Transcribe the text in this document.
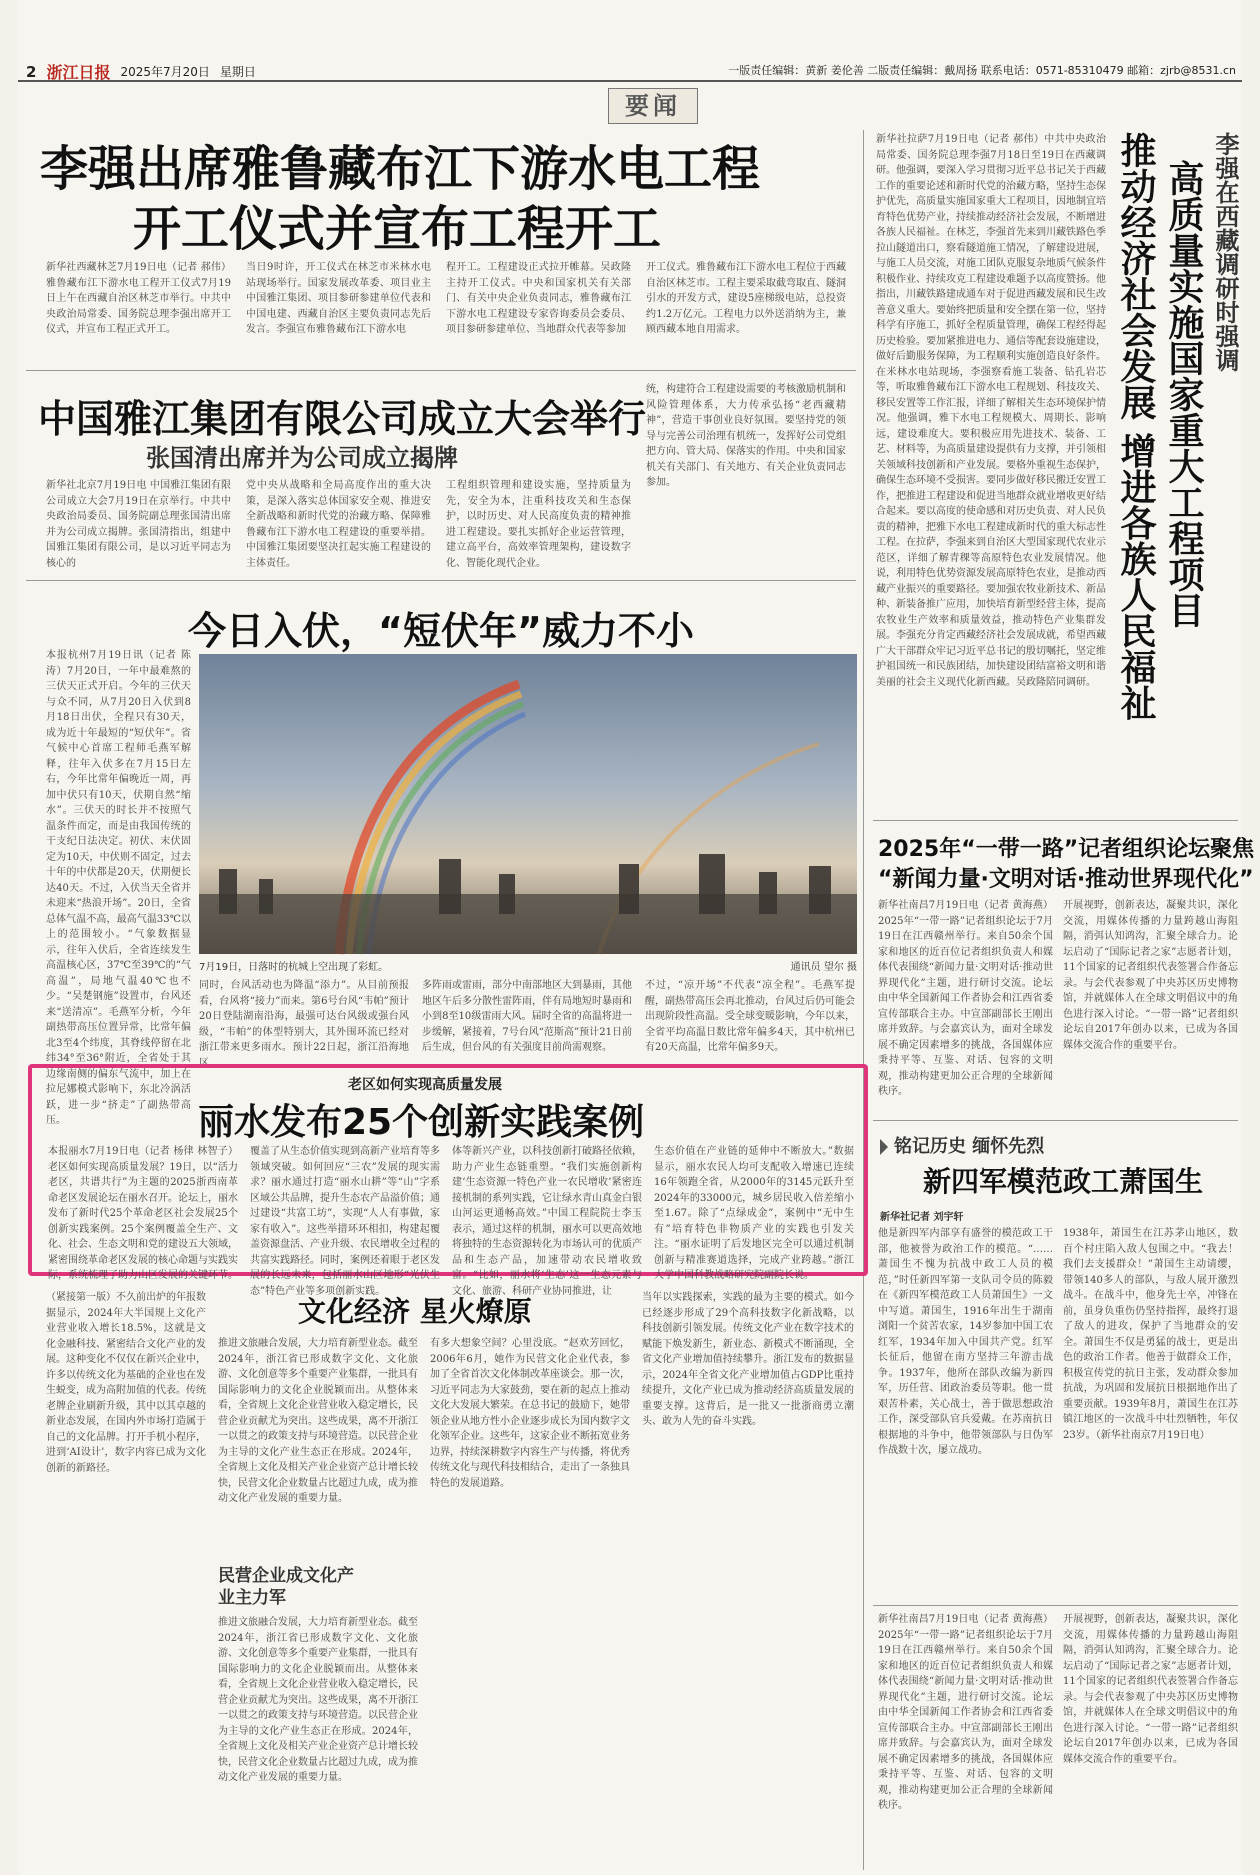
2 浙江日报 2025年7月20日 星期日	一版责任编辑：黄新 姜伦善 二版责任编辑：戴周扬 联系电话：0571-85310479 邮箱：zjrb@8531.cn
要闻
李强出席雅鲁藏布江下游水电工程
开工仪式并宣布工程开工
新华社西藏林芝7月19日电（记者 郝伟）雅鲁藏布江下游水电工程开工仪式7月19日上午在西藏自治区林芝市举行。中共中央政治局常委、国务院总理李强出席开工仪式，并宣布工程正式开工。
当日9时许，开工仪式在林芝市米林水电站现场举行。国家发展改革委、项目业主中国雅江集团、项目参研参建单位代表和中国电建、西藏自治区主要负责同志先后发言。李强宣布雅鲁藏布江下游水电
程开工。工程建设正式拉开帷幕。吴政隆主持开工仪式。中央和国家机关有关部门、有关中央企业负责同志，雅鲁藏布江下游水电工程建设专家咨询委员会委员、项目参研参建单位、当地群众代表等参加
开工仪式。雅鲁藏布江下游水电工程位于西藏自治区林芝市。工程主要采取截弯取直、隧洞引水的开发方式，建设5座梯级电站，总投资约1.2万亿元。工程电力以外送消纳为主，兼顾西藏本地自用需求。
中国雅江集团有限公司成立大会举行
张国清出席并为公司成立揭牌
新华社北京7月19日电 中国雅江集团有限公司成立大会7月19日在京举行。中共中央政治局委员、国务院副总理张国清出席并为公司成立揭牌。张国清指出，组建中国雅江集团有限公司，是以习近平同志为核心的
党中央从战略和全局高度作出的重大决策，是深入落实总体国家安全观、推进安全新战略和新时代党的治藏方略、保障雅鲁藏布江下游水电工程建设的重要举措。中国雅江集团要坚决扛起实施工程建设的主体责任。
工程组织管理和建设实施，坚持质量为先，安全为本，注重科技攻关和生态保护，以时历史、对人民高度负责的精神推进工程建设。要扎实抓好企业运营管理，建立高平台，高效率管理架构，建设数字化、智能化现代企业。
统，构建符合工程建设需要的考核激励机制和风险管理体系，大力传承弘扬“老西藏精神”，营造干事创业良好氛围。要坚持党的领导与完善公司治理有机统一，发挥好公司党组把方向、管大局、保落实的作用。中央和国家机关有关部门、有关地方、有关企业负责同志参加。
今日入伏，“短伏年”威力不小
本报杭州7月19日讯（记者 陈涛）7月20日，一年中最难熬的三伏天正式开启。今年的三伏天与众不同，从7月20日入伏到8月18日出伏，全程只有30天，成为近十年最短的“短伏年”。省气候中心首席工程师毛燕军解释，往年入伏多在7月15日左右，今年比常年偏晚近一周，再加中伏只有10天，伏期自然“缩水”。三伏天的时长并不按照气温条件而定，而是由我国传统的干支纪日法决定。初伏、末伏固定为10天，中伏则不固定，过去十年的中伏都是20天，伏期便长达40天。不过，入伏当天全省并未迎来“热浪开场”。20日，全省总体气温不高，最高气温33℃以上的范围较小。“气象数据显示，往年入伏后，全省连续发生高温核心区，37℃至39℃的“气高温”，局地气温40℃也不少。“吴楚钢施”设置市，台风还来“送清凉”。毛燕军分析，今年副热带高压位置异常，比常年偏北3至4个纬度，其脊线停留在北纬34°至36°附近，全省处于其边缘南侧的偏东气流中，加上在拉尼娜模式影响下，东北冷涡活跃，进一步“挤走”了副热带高压。
7月19日，日落时的杭城上空出现了彩虹。	通讯员 望尔 摄
同时，台风活动也为降温“添力”。从目前预报看，台风将“接力”而来。第6号台风“韦帕”预计20日登陆湖南沿海，最强可达台风级或强台风级，“韦帕”的体型特别大，其外围环流已经对浙江带来更多雨水。预计22日起，浙江沿海地区
多阵雨或雷雨，部分中南部地区大到暴雨，其他地区午后多分散性雷阵雨，伴有局地短时暴雨和小到8至10级雷雨大风。届时全省的高温将进一步缓解，紧接着，7号台风“范斯高”预计21日前后生成，但台风的有关强度目前尚需观察。
不过，“凉开场”不代表“凉全程”。毛燕军提醒，副热带高压会再北推动，台风过后仍可能会出现阶段性高温。受全球变暖影响，今年以来，全省平均高温日数比常年偏多4天，其中杭州已有20天高温，比常年偏多9天。
老区如何实现高质量发展
丽水发布25个创新实践案例
本报丽水7月19日电（记者 杨律 林智子）老区如何实现高质量发展？19日，以“活力老区，共谱共行”为主题的2025浙西南革命老区发展论坛在丽水召开。论坛上，丽水发布了新时代25个革命老区社会发展25个创新实践案例。25个案例覆盖全生产、文化、社会、生态文明和党的建设五大领域，紧密围绕革命老区发展的核心命题与实践实际，系统梳理了助力山区发展的关键环节。
覆盖了从生态价值实现到高新产业培育等多领域突破。如何回应“三农”发展的现实需求？丽水通过打造“丽水山耕”等“山”字系区域公共品牌，提升生态农产品溢价值；通过建设“共富工坊”，实现“人人有事做，家家有收入”。这些举措环环相扣，构建起覆盖资源盘活、产业升级、农民增收全过程的共富实践路径。同时，案例还着眼于老区发展的长远未来，包括丽水山区地形“光伏生态”特色产业等多项创新实践。
体等新兴产业，以科技创新打破路径依赖，助力产业生态链重塑。“我们实施创新构建‘生态资源一特色产业一农民增收’紧密连接机制的系列实践，它让绿水青山真金白银山河运更通畅高效。”中国工程院院士李玉表示，通过这样的机制，丽水可以更高效地将独特的生态资源转化为市场认可的优质产品和生态产品，加速带动农民增收致富。“比如，丽水将‘生态’这一生态元素与文化、旅游、科研产业协同推进，让
生态价值在产业链的延伸中不断放大。”数据显示，丽水农民人均可支配收入增速已连续16年领跑全省，从2000年的3145元跃升至2024年的33000元，城乡居民收入倍差缩小至1.67。除了“点绿成金”，案例中“无中生有”培育特色非物质产业的实践也引发关注。“丽水证明了后发地区完全可以通过机制创新与精准赛道选择，完成产业跨越。”浙江大学中国科教战略研究院副院长说。
文化经济 星火燎原
民营企业成文化产业主力军
（紧接第一版）不久前出炉的年报数据显示，2024年大半国规上文化产业营业收入增长18.5%，这就是文化金融科技、紧密结合文化产业的发展。这种变化不仅仅在新兴企业中，许多以传统文化为基础的企业也在发生蜕变，成为高附加值的代表。传统老牌企业刷新升级，其中以其卓越的新业态发展，在国内外市场打造属于自己的文化品牌。打开手机小程序，进到‘AI设计’，数字内容已成为文化创新的新路径。
推进文旅融合发展，大力培育新型业态。截至2024年，浙江省已形成数字文化、文化旅游、文化创意等多个重要产业集群，一批具有国际影响力的文化企业脱颖而出。从整体来看，全省规上文化企业营业收入稳定增长，民营企业贡献尤为突出。这些成果，离不开浙江一以贯之的政策支持与环境营造。以民营企业为主导的文化产业生态正在形成。2024年，全省规上文化及相关产业企业资产总计增长较快，民营文化企业数量占比超过九成，成为推动文化产业发展的重要力量。
有多大想象空间？心里没底。“赵欢芳回忆，2006年6月，她作为民营文化企业代表，参加了全省首次文化体制改革座谈会。那一次，习近平同志为大家鼓劲，要在新的起点上推动文化大发展大繁荣。在总书记的鼓励下，她带领企业从地方性小企业逐步成长为国内数字文化领军企业。这些年，这家企业不断拓宽业务边界，持续深耕数字内容生产与传播，将优秀传统文化与现代科技相结合，走出了一条独具特色的发展道路。
当年以实践探索，实践的最为主要的模式。如今已经逐步形成了29个高科技数字化新战略，以科技创新引领发展。传统文化产业在数字技术的赋能下焕发新生，新业态、新模式不断涌现，全省文化产业增加值持续攀升。浙江发布的数据显示，2024年全省文化产业增加值占GDP比重持续提升，文化产业已成为推动经济高质量发展的重要支撑。这背后，是一批又一批浙商勇立潮头、敢为人先的奋斗实践。
推进文旅融合发展，大力培育新型业态。截至2024年，浙江省已形成数字文化、文化旅游、文化创意等多个重要产业集群，一批具有国际影响力的文化企业脱颖而出。从整体来看，全省规上文化企业营业收入稳定增长，民营企业贡献尤为突出。这些成果，离不开浙江一以贯之的政策支持与环境营造。以民营企业为主导的文化产业生态正在形成。2024年，全省规上文化及相关产业企业资产总计增长较快，民营文化企业数量占比超过九成，成为推动文化产业发展的重要力量。
新华社拉萨7月19日电（记者 郝伟）中共中央政治局常委、国务院总理李强7月18日至19日在西藏调研。他强调，要深入学习贯彻习近平总书记关于西藏工作的重要论述和新时代党的治藏方略，坚持生态保护优先，高质量实施国家重大工程项目，因地制宜培育特色优势产业，持续推动经济社会发展，不断增进各族人民福祉。在林芝，李强首先来到川藏铁路色季拉山隧道出口，察看隧道施工情况，了解建设进展，与施工人员交流，对施工团队克服复杂地质气候条件积极作业、持续攻克工程建设难题予以高度赞扬。他指出，川藏铁路建成通车对于促进西藏发展和民生改善意义重大。要始终把质量和安全摆在第一位，坚持科学有序施工，抓好全程质量管理，确保工程经得起历史检验。要加紧推进电力、通信等配套设施建设，做好后勤服务保障，为工程顺利实施创造良好条件。在米林水电站现场，李强察看施工装备、钻孔岩芯等，听取雅鲁藏布江下游水电工程规划、科技攻关、移民安置等工作汇报，详细了解相关生态环境保护情况。他强调，雅下水电工程规模大、周期长、影响远，建设难度大。要积极应用先进技术、装备、工艺、材料等，为高质量建设提供有力支撑，并引领相关领域科技创新和产业发展。要格外重视生态保护，确保生态环境不受损害。要同步做好移民搬迁安置工作，把推进工程建设和促进当地群众就业增收更好结合起来。要以高度的使命感和对历史负责、对人民负责的精神，把雅下水电工程建成新时代的重大标志性工程。在拉萨，李强来到自治区大型国家现代农业示范区，详细了解青稞等高原特色农业发展情况。他说，利用特色优势资源发展高原特色农业，是推动西藏产业振兴的重要路径。要加强农牧业新技术、新品种、新装备推广应用，加快培育新型经营主体，提高农牧业生产效率和质量效益，推动特色产业集群发展。李强充分肯定西藏经济社会发展成就，希望西藏广大干部群众牢记习近平总书记的殷切嘱托，坚定维护祖国统一和民族团结，加快建设团结富裕文明和谐美丽的社会主义现代化新西藏。吴政隆陪同调研。 推动经济社会发展 增进各族人民福祉 高质量实施国家重大工程项目 李强在西藏调研时强调
2025年“一带一路”记者组织论坛聚焦
“新闻力量·文明对话·推动世界现代化”
新华社南昌7月19日电（记者 黄海燕）2025年“一带一路”记者组织论坛于7月19日在江西赣州举行。来自50余个国家和地区的近百位记者组织负责人和媒体代表围绕“新闻力量·文明对话·推动世界现代化”主题，进行研讨交流。论坛由中华全国新闻工作者协会和江西省委宣传部联合主办。中宣部副部长王刚出席并致辞。与会嘉宾认为，面对全球发展不确定因素增多的挑战，各国媒体应秉持平等、互鉴、对话、包容的文明观，推动构建更加公正合理的全球新闻秩序。
开展视野，创新表达，凝聚共识，深化交流，用媒体传播的力量跨越山海阻隔，消弭认知鸿沟，汇聚全球合力。论坛启动了“国际记者之家”志愿者计划，11个国家的记者组织代表签署合作备忘录。与会代表参观了中央苏区历史博物馆，并就媒体人在全球文明倡议中的角色进行深入讨论。“一带一路”记者组织论坛自2017年创办以来，已成为各国媒体交流合作的重要平台。
铭记历史 缅怀先烈
新四军模范政工萧国生
新华社记者 刘宇轩
他是新四军内部享有盛誉的模范政工干部，他被誉为政治工作的模范。“……萧国生不愧为抗战中政工人员的模范，”时任新四军第一支队司令员的陈毅在《新四军模范政工人员萧国生》一文中写道。萧国生，1916年出生于湖南浏阳一个贫苦农家，14岁参加中国工农红军，1934年加入中国共产党。红军长征后，他留在南方坚持三年游击战争。1937年，他所在部队改编为新四军，历任营、团政治委员等职。他一贯艰苦朴素，关心战士，善于做思想政治工作，深受部队官兵爱戴。在苏南抗日根据地的斗争中，他带领部队与日伪军作战数十次，屡立战功。
1938年，萧国生在江苏茅山地区，数百个村庄陷入敌人包围之中。“我去！我们去支援群众！”萧国生主动请缨，带领140多人的部队，与敌人展开激烈战斗。在战斗中，他身先士卒，冲锋在前，虽身负重伤仍坚持指挥，最终打退了敌人的进攻，保护了当地群众的安全。萧国生不仅是勇猛的战士，更是出色的政治工作者。他善于做群众工作，积极宣传党的抗日主张，发动群众参加抗战，为巩固和发展抗日根据地作出了重要贡献。1939年8月，萧国生在江苏镇江地区的一次战斗中壮烈牺牲，年仅23岁。（新华社南京7月19日电）
新华社南昌7月19日电（记者 黄海燕）2025年“一带一路”记者组织论坛于7月19日在江西赣州举行。来自50余个国家和地区的近百位记者组织负责人和媒体代表围绕“新闻力量·文明对话·推动世界现代化”主题，进行研讨交流。论坛由中华全国新闻工作者协会和江西省委宣传部联合主办。中宣部副部长王刚出席并致辞。与会嘉宾认为，面对全球发展不确定因素增多的挑战，各国媒体应秉持平等、互鉴、对话、包容的文明观，推动构建更加公正合理的全球新闻秩序。
开展视野，创新表达，凝聚共识，深化交流，用媒体传播的力量跨越山海阻隔，消弭认知鸿沟，汇聚全球合力。论坛启动了“国际记者之家”志愿者计划，11个国家的记者组织代表签署合作备忘录。与会代表参观了中央苏区历史博物馆，并就媒体人在全球文明倡议中的角色进行深入讨论。“一带一路”记者组织论坛自2017年创办以来，已成为各国媒体交流合作的重要平台。
